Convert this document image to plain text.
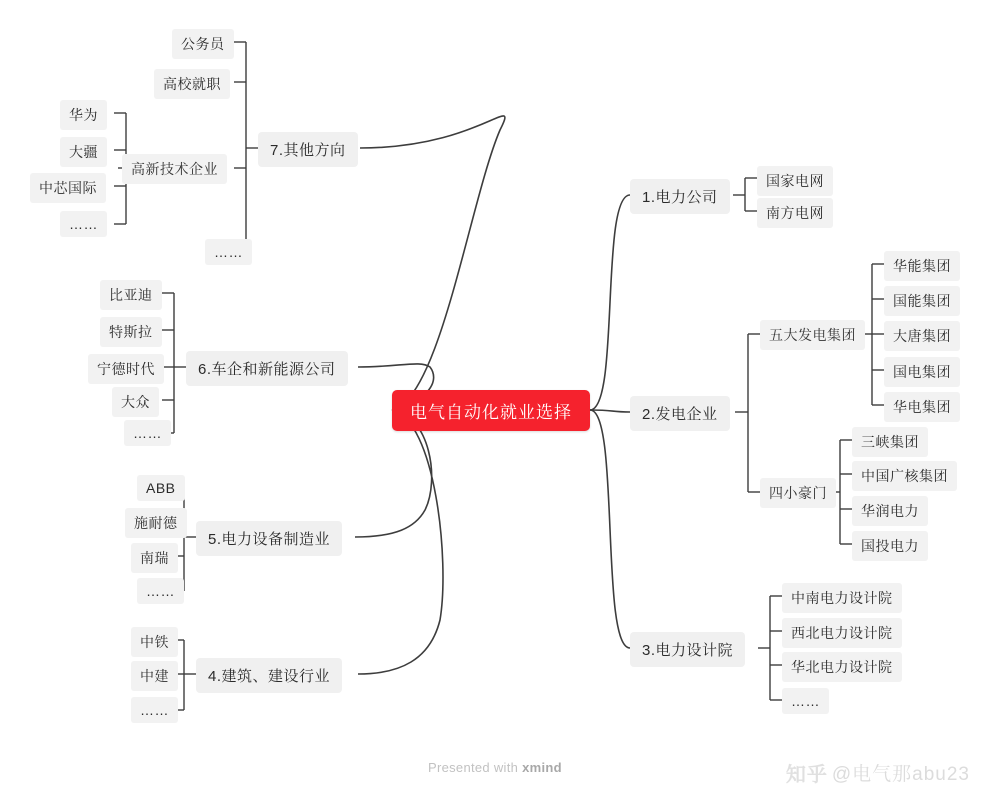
电气自动化就业选择
1.电力公司
国家电网
南方电网
2.发电企业
五大发电集团
四小豪门
华能集团
国能集团
大唐集团
国电集团
华电集团
三峡集团
中国广核集团
华润电力
国投电力
3.电力设计院
中南电力设计院
西北电力设计院
华北电力设计院
……
4.建筑、建设行业
中铁
中建
……
5.电力设备制造业
ABB
施耐德
南瑞
……
6.车企和新能源公司
比亚迪
特斯拉
宁德时代
大众
……
7.其他方向
公务员
高校就职
高新技术企业
……
华为
大疆
中芯国际
……
Presented with xmind	知乎 @电气那abu23
